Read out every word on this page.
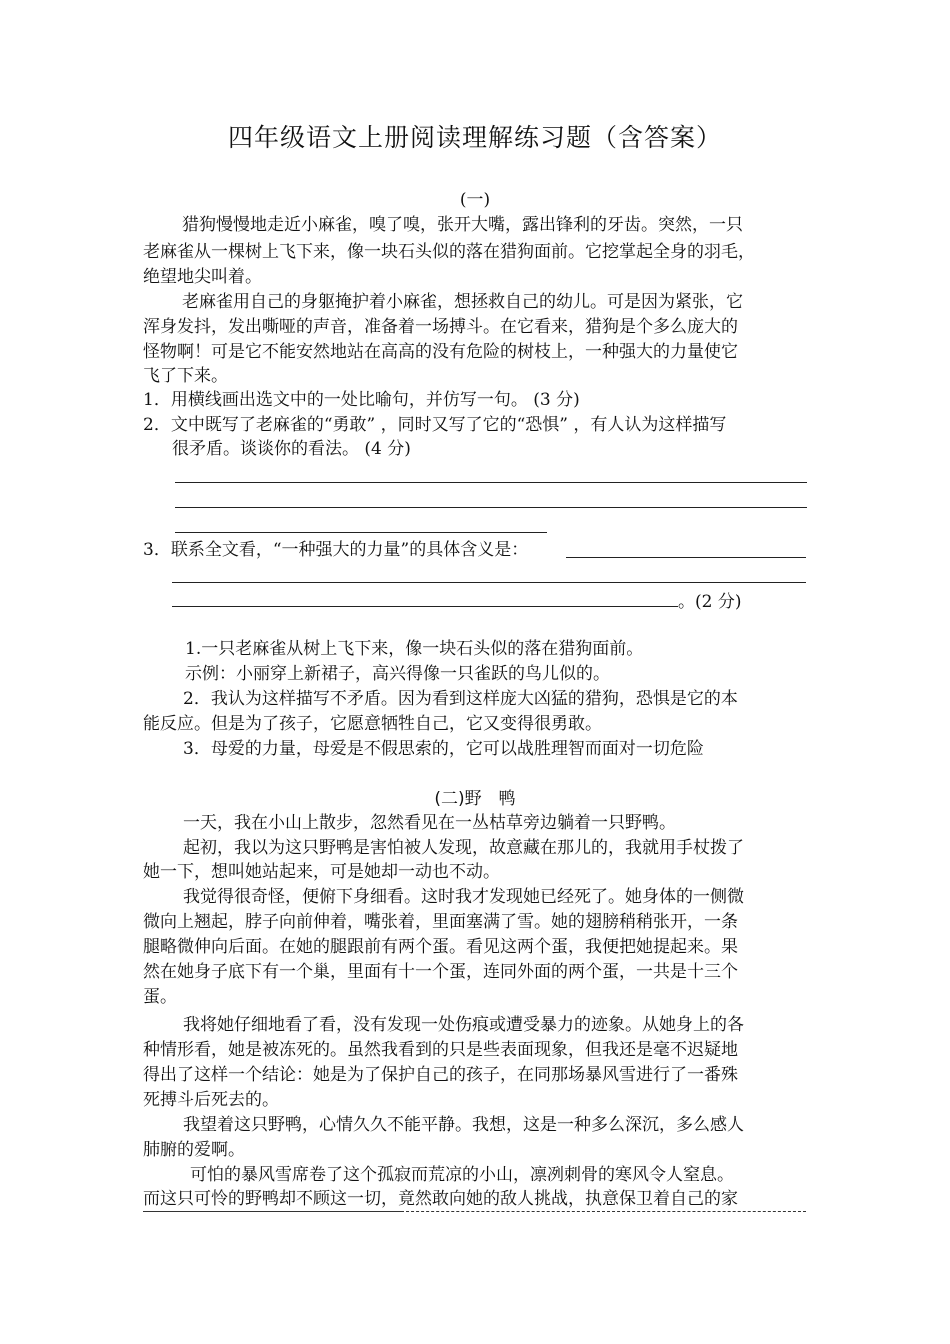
四年级语文上册阅读理解练习题（含答案）
(一)
猎狗慢慢地走近小麻雀，嗅了嗅，张开大嘴，露出锋利的牙齿。突然，一只
老麻雀从一棵树上飞下来，像一块石头似的落在猎狗面前。它挖掌起全身的羽毛，
绝望地尖叫着。
老麻雀用自己的身躯掩护着小麻雀，想拯救自己的幼儿。可是因为紧张，它
浑身发抖，发出嘶哑的声音，准备着一场搏斗。在它看来，猎狗是个多么庞大的
怪物啊！可是它不能安然地站在高高的没有危险的树枝上，一种强大的力量使它
飞了下来。
1．用横线画出选文中的一处比喻句，并仿写一句。 (3 分)
2．文中既写了老麻雀的“勇敢” ，同时又写了它的“恐惧” ，有人认为这样描写
很矛盾。谈谈你的看法。 (4 分)
3．联系全文看，“一种强大的力量”的具体含义是：
。(2 分)
1.一只老麻雀从树上飞下来，像一块石头似的落在猎狗面前。
示例：小丽穿上新裙子，高兴得像一只雀跃的鸟儿似的。
2．我认为这样描写不矛盾。因为看到这样庞大凶猛的猎狗，恐惧是它的本
能反应。但是为了孩子，它愿意牺牲自己，它又变得很勇敢。
3．母爱的力量，母爱是不假思索的，它可以战胜理智而面对一切危险
(二)野　鸭
一天，我在小山上散步，忽然看见在一丛枯草旁边躺着一只野鸭。
起初，我以为这只野鸭是害怕被人发现，故意藏在那儿的，我就用手杖拨了
她一下，想叫她站起来，可是她却一动也不动。
我觉得很奇怪，便俯下身细看。这时我才发现她已经死了。她身体的一侧微
微向上翘起，脖子向前伸着，嘴张着，里面塞满了雪。她的翅膀稍稍张开，一条
腿略微伸向后面。在她的腿跟前有两个蛋。看见这两个蛋，我便把她提起来。果
然在她身子底下有一个巢，里面有十一个蛋，连同外面的两个蛋，一共是十三个
蛋。
我将她仔细地看了看，没有发现一处伤痕或遭受暴力的迹象。从她身上的各
种情形看，她是被冻死的。虽然我看到的只是些表面现象，但我还是毫不迟疑地
得出了这样一个结论：她是为了保护自己的孩子，在同那场暴风雪进行了一番殊
死搏斗后死去的。
我望着这只野鸭，心情久久不能平静。我想，这是一种多么深沉，多么感人
肺腑的爱啊。
可怕的暴风雪席卷了这个孤寂而荒凉的小山，凛冽刺骨的寒风令人窒息。
而这只可怜的野鸭却不顾这一切，竟然敢向她的敌人挑战，执意保卫着自己的家
